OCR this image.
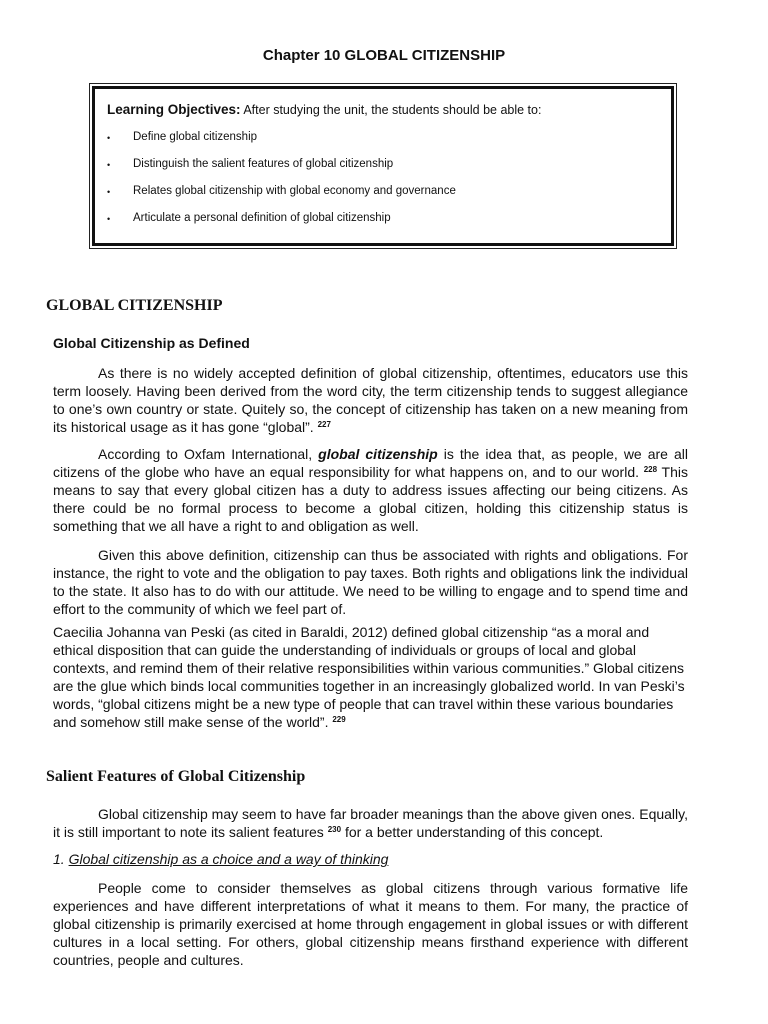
Chapter 10 GLOBAL CITIZENSHIP
Learning Objectives: After studying the unit, the students should be able to:
•	Define global citizenship
•	Distinguish the salient features of global citizenship
•	Relates global citizenship with global economy and governance
•	Articulate a personal definition of global citizenship
GLOBAL CITIZENSHIP
Global Citizenship as Defined

As there is no widely accepted definition of global citizenship, oftentimes, educators use this term loosely. Having been derived from the word city, the term citizenship tends to suggest allegiance to one’s own country or state. Quitely so, the concept of citizenship has taken on a new meaning from its historical usage as it has gone “global”. $^{227}$

According to Oxfam International, global citizenship is the idea that, as people, we are all citizens of the globe who have an equal responsibility for what happens on, and to our world. $^{228}$ This means to say that every global citizen has a duty to address issues affecting our being citizens. As there could be no formal process to become a global citizen, holding this citizenship status is something that we all have a right to and obligation as well.

Given this above definition, citizenship can thus be associated with rights and obligations. For instance, the right to vote and the obligation to pay taxes. Both rights and obligations link the individual to the state. It also has to do with our attitude. We need to be willing to engage and to spend time and effort to the community of which we feel part of.

Caecilia Johanna van Peski (as cited in Baraldi, 2012) defined global citizenship “as a moral and ethical disposition that can guide the understanding of individuals or groups of local and global contexts, and remind them of their relative responsibilities within various communities.” Global citizens are the glue which binds local communities together in an increasingly globalized world. In van Peski’s words, “global citizens might be a new type of people that can travel within these various boundaries and somehow still make sense of the world”. $^{229}$

Salient Features of Global Citizenship

Global citizenship may seem to have far broader meanings than the above given ones. Equally, it is still important to note its salient features $^{230}$ for a better understanding of this concept.

1. Global citizenship as a choice and a way of thinking

People come to consider themselves as global citizens through various formative life experiences and have different interpretations of what it means to them. For many, the practice of global citizenship is primarily exercised at home through engagement in global issues or with different cultures in a local setting. For others, global citizenship means firsthand experience with different countries, people and cultures.
